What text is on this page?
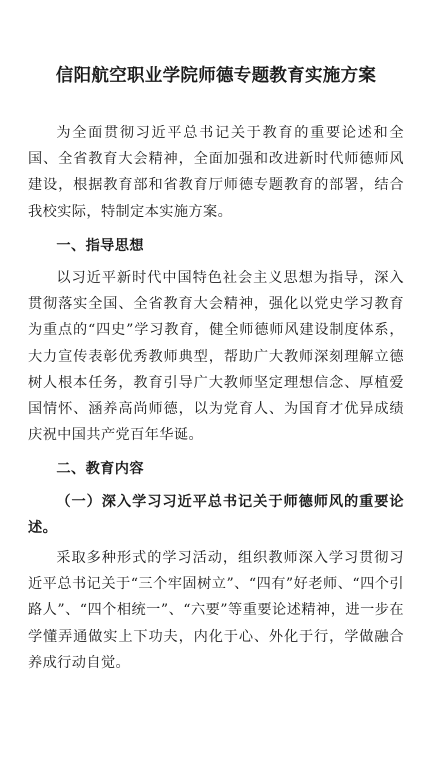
信阳航空职业学院师德专题教育实施方案

为全面贯彻习近平总书记关于教育的重要论述和全国、全省教育大会精神，全面加强和改进新时代师德师风建设，根据教育部和省教育厅师德专题教育的部署，结合我校实际，特制定本实施方案。

一、指导思想

以习近平新时代中国特色社会主义思想为指导，深入贯彻落实全国、全省教育大会精神，强化以党史学习教育为重点的“四史”学习教育，健全师德师风建设制度体系，大力宣传表彰优秀教师典型，帮助广大教师深刻理解立德树人根本任务，教育引导广大教师坚定理想信念、厚植爱国情怀、涵养高尚师德，以为党育人、为国育才优异成绩庆祝中国共产党百年华诞。

二、教育内容
（一）深入学习习近平总书记关于师德师风的重要论述。

采取多种形式的学习活动，组织教师深入学习贯彻习近平总书记关于“三个牢固树立”、“四有”好老师、“四个引路人”、“四个相统一”、“六要”等重要论述精神，进一步在学懂弄通做实上下功夫，内化于心、外化于行，学做融合养成行动自觉。
